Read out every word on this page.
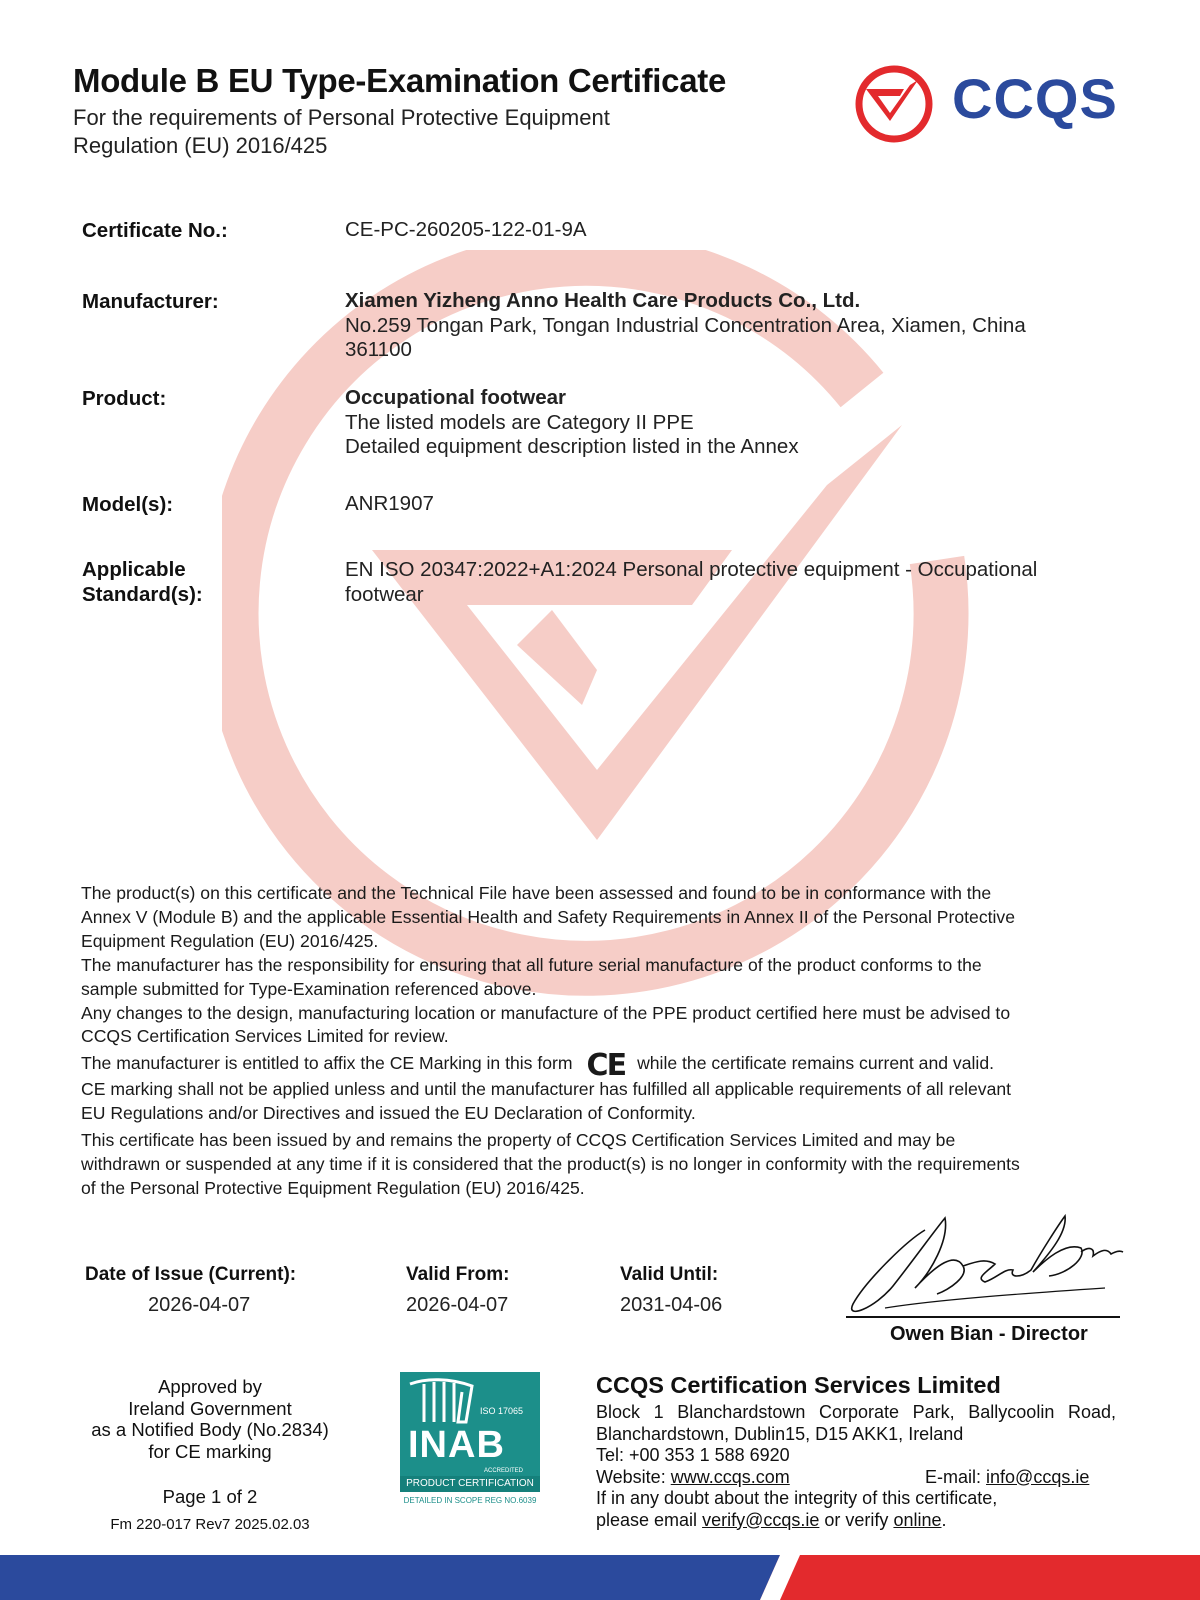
Module B EU Type-Examination Certificate
For the requirements of Personal Protective Equipment
Regulation (EU) 2016/425
CCQS
Certificate No.:	CE-PC-260205-122-01-9A
Manufacturer:	Xiamen Yizheng Anno Health Care Products Co., Ltd.
No.259 Tongan Park, Tongan Industrial Concentration Area, Xiamen, China
361100
Product:	Occupational footwear
The listed models are Category II PPE
Detailed equipment description listed in the Annex
Model(s):	ANR1907
Applicable
Standard(s):
EN ISO 20347:2022+A1:2024 Personal protective equipment - Occupational
footwear

The product(s) on this certificate and the Technical File have been assessed and found to be in conformance with the

Annex V (Module B) and the applicable Essential Health and Safety Requirements in Annex II of the Personal Protective

Equipment Regulation (EU) 2016/425.

The manufacturer has the responsibility for ensuring that all future serial manufacture of the product conforms to the

sample submitted for Type-Examination referenced above.

Any changes to the design, manufacturing location or manufacture of the PPE product certified here must be advised to

CCQS Certification Services Limited for review.

The manufacturer is entitled to affix the CE Marking in this form CE while the certificate remains current and valid.

CE marking shall not be applied unless and until the manufacturer has fulfilled all applicable requirements of all relevant

EU Regulations and/or Directives and issued the EU Declaration of Conformity.

This certificate has been issued by and remains the property of CCQS Certification Services Limited and may be

withdrawn or suspended at any time if it is considered that the product(s) is no longer in conformity with the requirements

of the Personal Protective Equipment Regulation (EU) 2016/425.

Date of Issue (Current):
2026-04-07
Valid From:
2026-04-07
Valid Until:
2031-04-06
Owen Bian - Director
Approved by
Ireland Government
as a Notified Body (No.2834)
for CE marking
Page 1 of 2
Fm 220-017 Rev7 2025.02.03
ISO 17065
INAB
ACCREDITED
PRODUCT CERTIFICATION
DETAILED IN SCOPE REG NO.6039
CCQS Certification Services Limited
Block 1 Blanchardstown Corporate Park, Ballycoolin Road,
Blanchardstown, Dublin15, D15 AKK1, Ireland
Tel: +00 353 1 588 6920
Website: www.ccqs.com	E-mail: info@ccqs.ie
If in any doubt about the integrity of this certificate,
please email verify@ccqs.ie or verify online.
